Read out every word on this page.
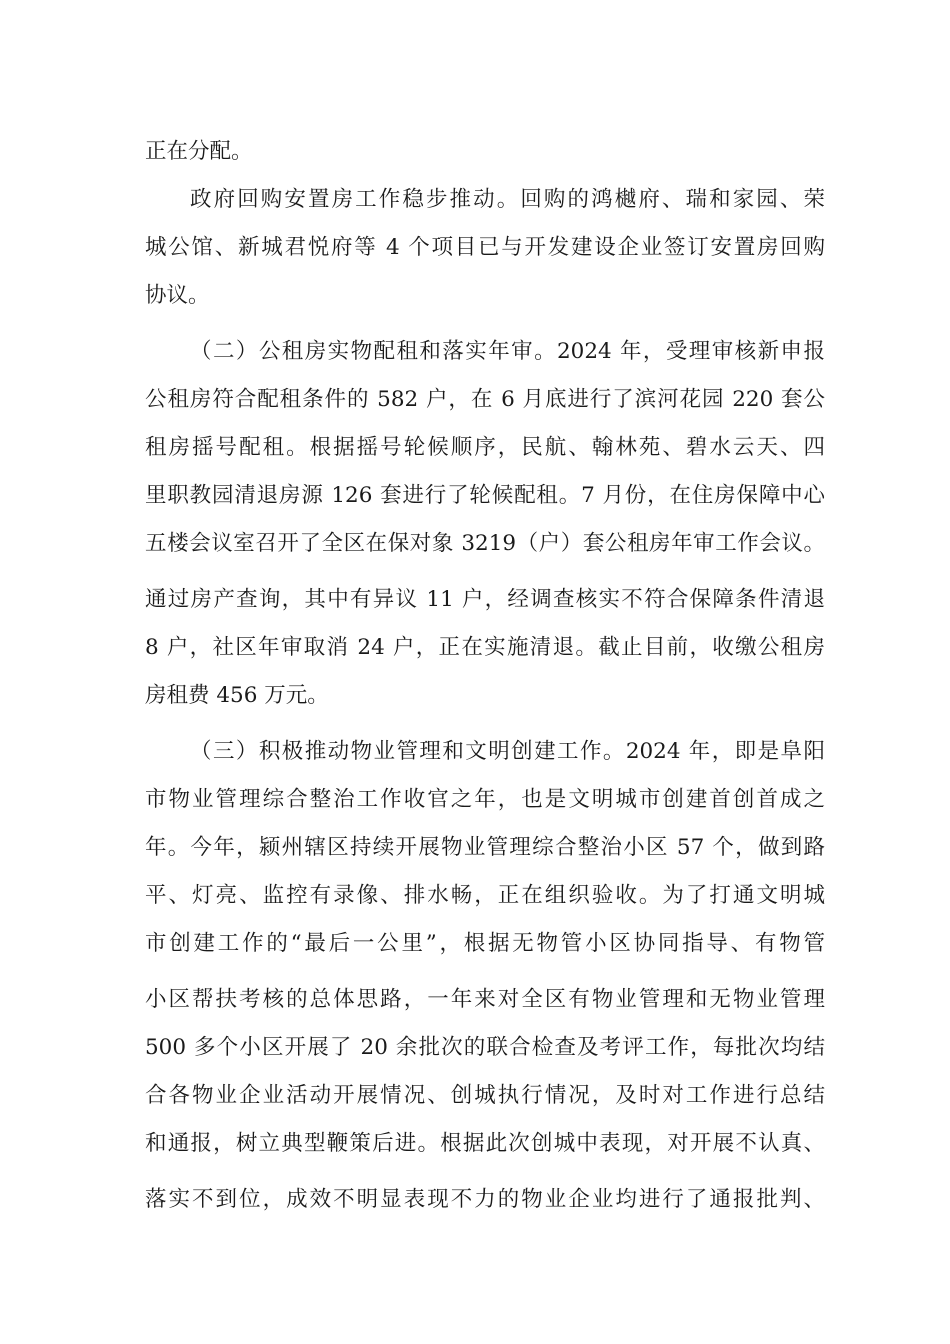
正在分配。
政府回购安置房工作稳步推动。回购的鸿樾府、瑞和家园、荣
城公馆、新城君悦府等 4 个项目已与开发建设企业签订安置房回购
协议。
（二）公租房实物配租和落实年审。2024 年，受理审核新申报
公租房符合配租条件的 582 户，在 6 月底进行了滨河花园 220 套公
租房摇号配租。根据摇号轮候顺序，民航、翰林苑、碧水云天、四
里职教园清退房源 126 套进行了轮候配租。7 月份，在住房保障中心
五楼会议室召开了全区在保对象 3219（户）套公租房年审工作会议。
通过房产查询，其中有异议 11 户，经调查核实不符合保障条件清退
8 户，社区年审取消 24 户，正在实施清退。截止目前，收缴公租房
房租费 456 万元。
（三）积极推动物业管理和文明创建工作。2024 年，即是阜阳
市物业管理综合整治工作收官之年，也是文明城市创建首创首成之
年。今年，颍州辖区持续开展物业管理综合整治小区 57 个，做到路
平、灯亮、监控有录像、排水畅，正在组织验收。为了打通文明城
市创建工作的“最后一公里”，根据无物管小区协同指导、有物管
小区帮扶考核的总体思路，一年来对全区有物业管理和无物业管理
500 多个小区开展了 20 余批次的联合检查及考评工作，每批次均结
合各物业企业活动开展情况、创城执行情况，及时对工作进行总结
和通报，树立典型鞭策后进。根据此次创城中表现，对开展不认真、
落实不到位，成效不明显表现不力的物业企业均进行了通报批判、
